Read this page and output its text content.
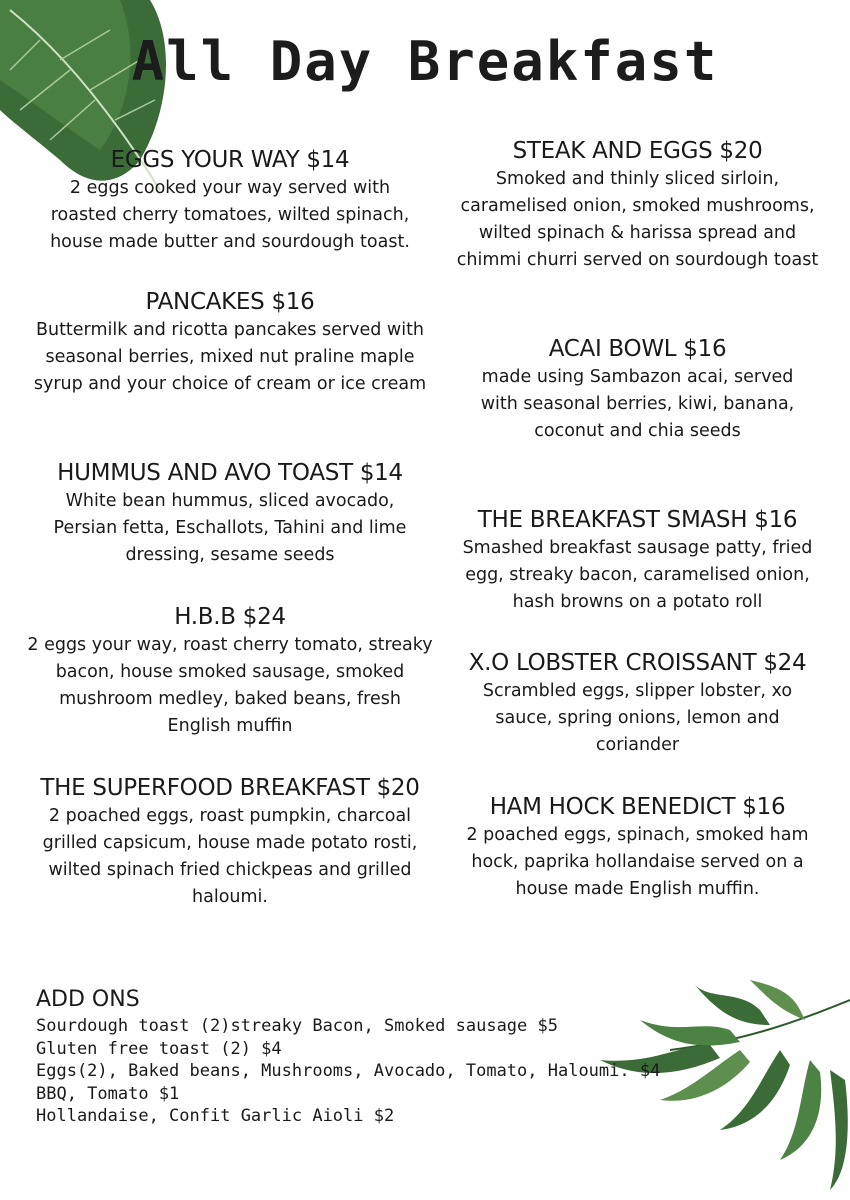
All Day Breakfast
EGGS YOUR WAY $14

2 eggs cooked your way served with roasted cherry tomatoes, wilted spinach, house made butter and sourdough toast.

PANCAKES $16

Buttermilk and ricotta pancakes served with seasonal berries, mixed nut praline maple syrup and your choice of cream or ice cream

HUMMUS AND AVO TOAST $14

White bean hummus, sliced avocado, Persian fetta, Eschallots, Tahini and lime dressing, sesame seeds

H.B.B $24

2 eggs your way, roast cherry tomato, streaky bacon, house smoked sausage, smoked mushroom medley, baked beans, fresh English muffin

THE SUPERFOOD BREAKFAST $20

2 poached eggs, roast pumpkin, charcoal grilled capsicum, house made potato rosti, wilted spinach fried chickpeas and grilled haloumi.

STEAK AND EGGS $20

Smoked and thinly sliced sirloin, caramelised onion, smoked mushrooms, wilted spinach & harissa spread and chimmi churri served on sourdough toast

ACAI BOWL $16

made using Sambazon acai, served with seasonal berries, kiwi, banana, coconut and chia seeds

THE BREAKFAST SMASH $16

Smashed breakfast sausage patty, fried egg, streaky bacon, caramelised onion, hash browns on a potato roll

X.O LOBSTER CROISSANT $24

Scrambled eggs, slipper lobster, xo sauce, spring onions, lemon and coriander

HAM HOCK BENEDICT $16

2 poached eggs, spinach, smoked ham hock, paprika hollandaise served on a house made English muffin.

ADD ONS
Sourdough toast (2)streaky Bacon, Smoked sausage $5
Gluten free toast (2) $4
Eggs(2), Baked beans, Mushrooms, Avocado, Tomato, Haloumi. $4
BBQ, Tomato $1
Hollandaise, Confit Garlic Aioli $2
